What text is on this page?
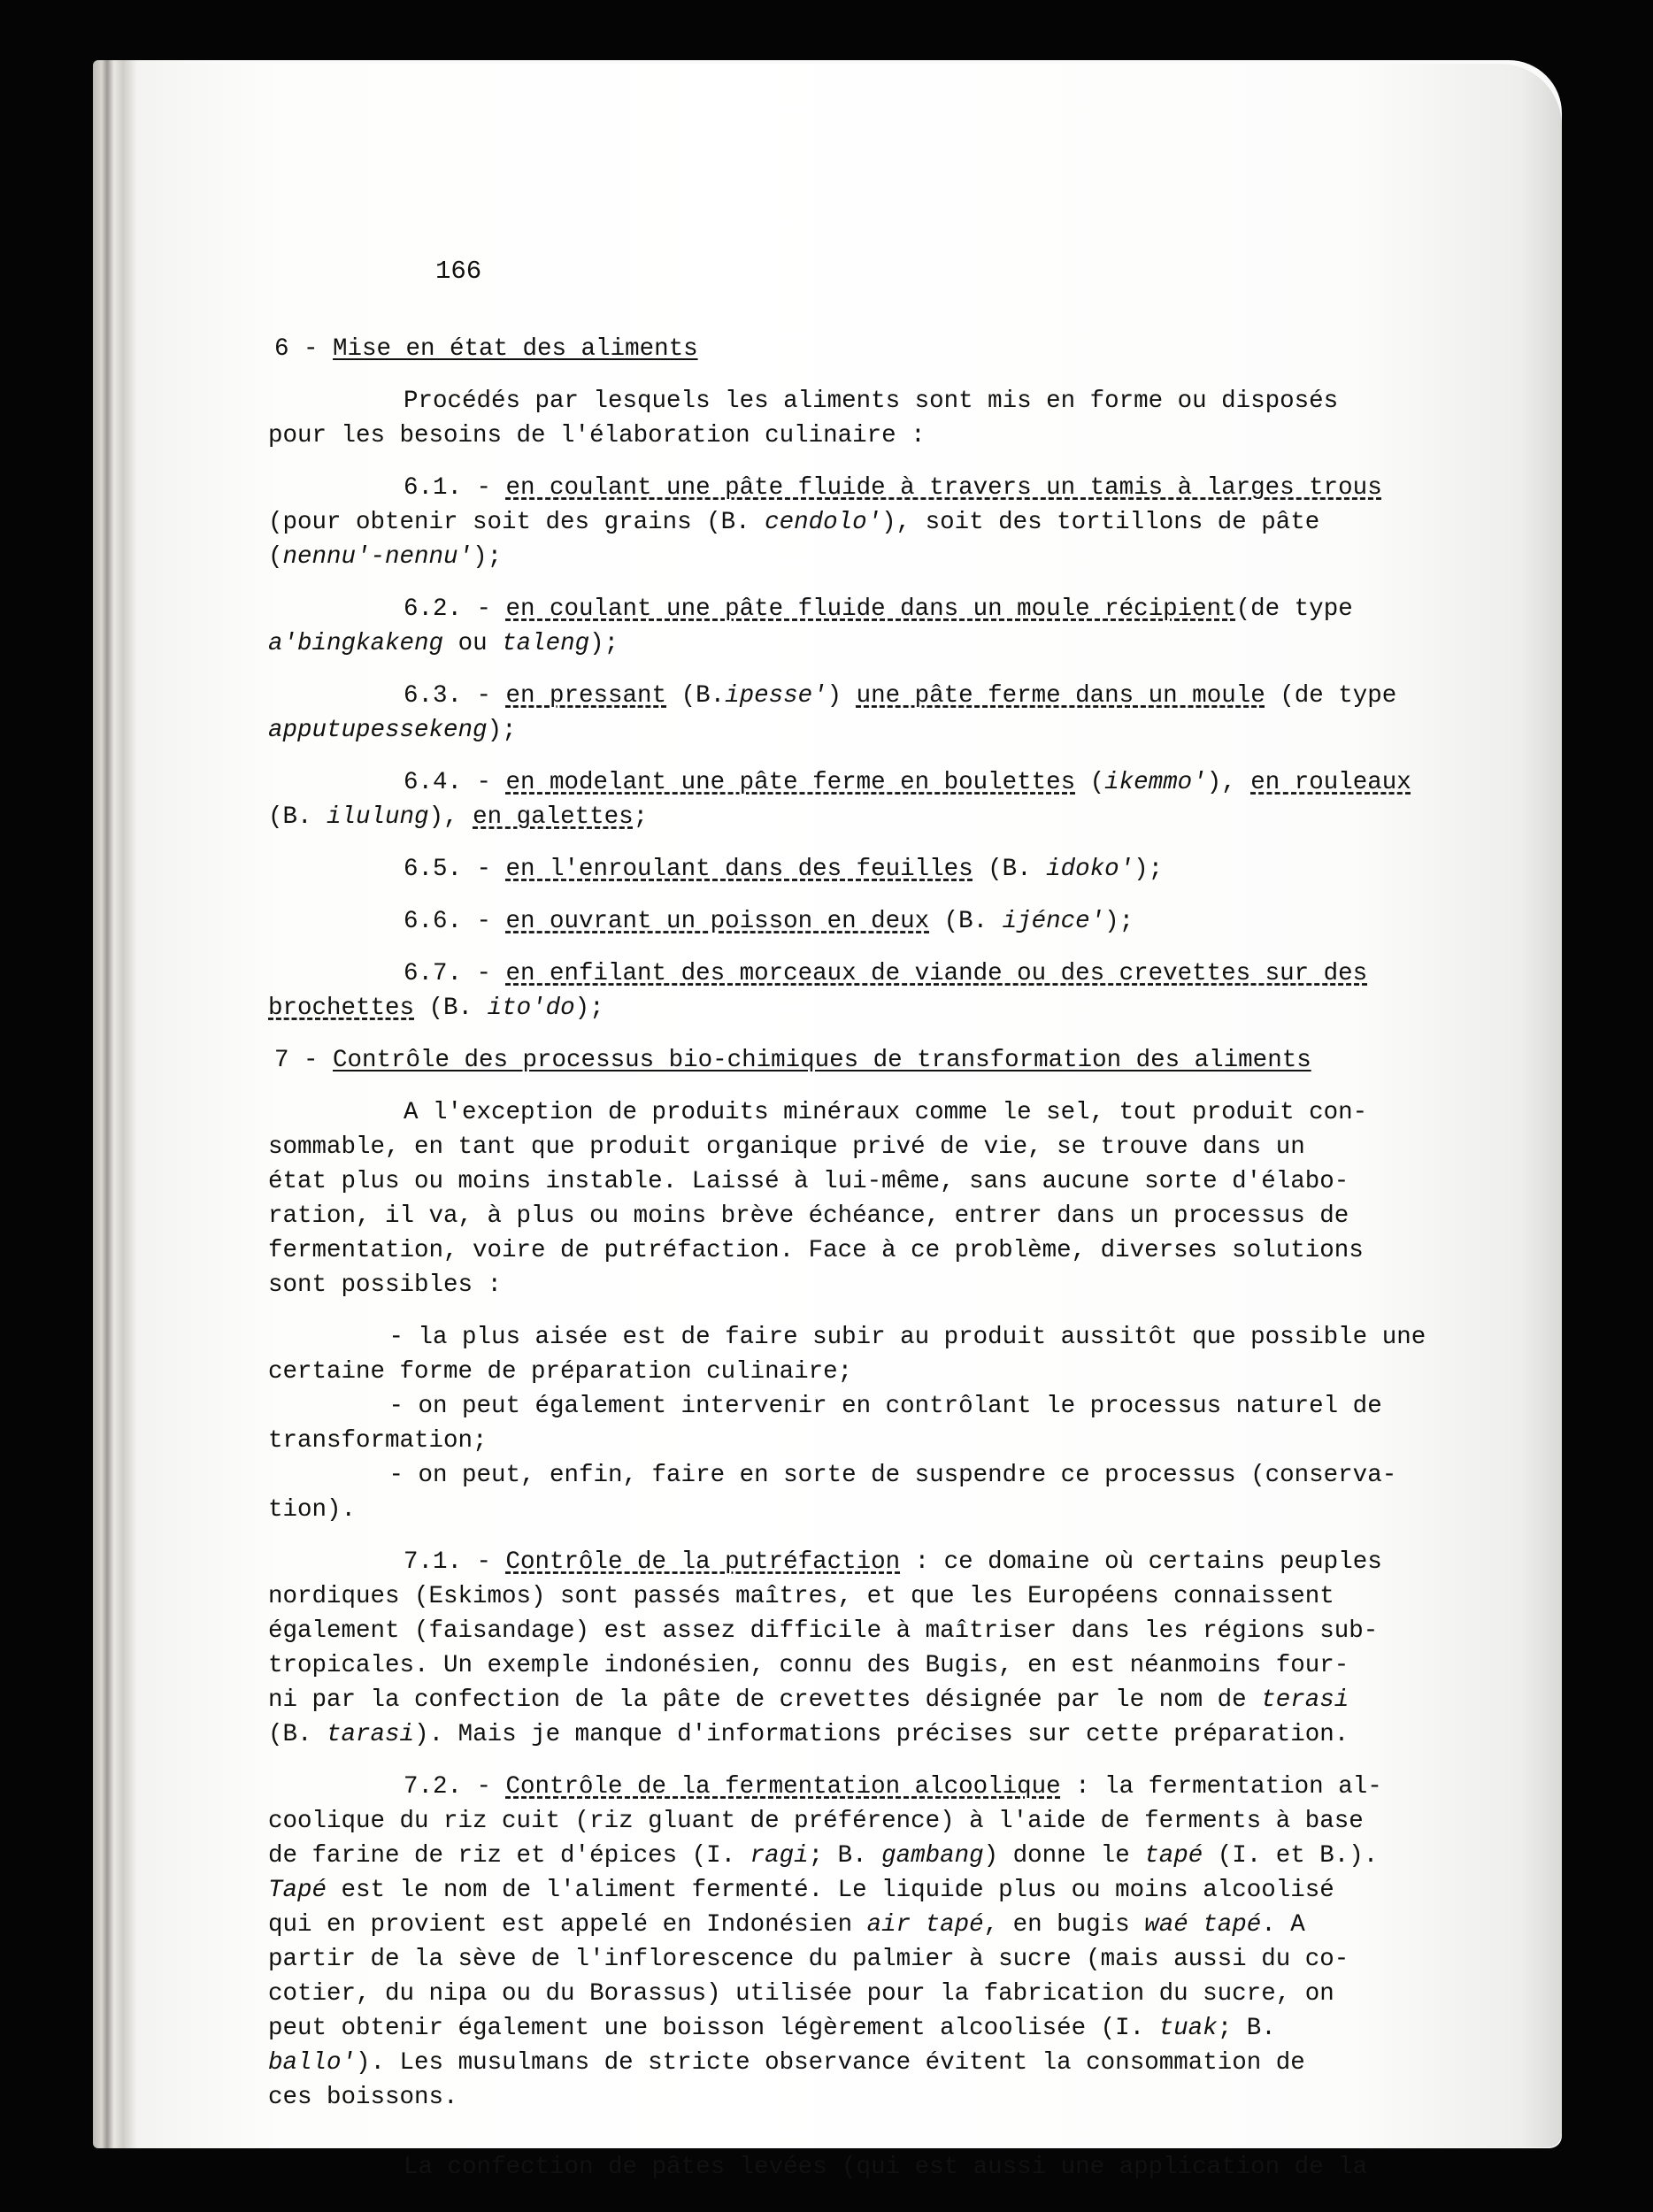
166
6 - Mise en état des aliments
Procédés par lesquels les aliments sont mis en forme ou disposés
pour les besoins de l'élaboration culinaire :
6.1. - en coulant une pâte fluide à travers un tamis à larges trous
(pour obtenir soit des grains (B. cendolo'), soit des tortillons de pâte
(nennu'-nennu');
6.2. - en coulant une pâte fluide dans un moule récipient(de type
a'bingkakeng ou taleng);
6.3. - en pressant (B.ipesse') une pâte ferme dans un moule (de type
apputupessekeng);
6.4. - en modelant une pâte ferme en boulettes (ikemmo'), en rouleaux
(B. ilulung), en galettes;
6.5. - en l'enroulant dans des feuilles (B. idoko');
6.6. - en ouvrant un poisson en deux (B. ijénce');
6.7. - en enfilant des morceaux de viande ou des crevettes sur des
brochettes (B. ito'do);
7 - Contrôle des processus bio-chimiques de transformation des aliments
A l'exception de produits minéraux comme le sel, tout produit con-
sommable, en tant que produit organique privé de vie, se trouve dans un
état plus ou moins instable. Laissé à lui-même, sans aucune sorte d'élabo-
ration, il va, à plus ou moins brève échéance, entrer dans un processus de
fermentation, voire de putréfaction. Face à ce problème, diverses solutions
sont possibles :
- la plus aisée est de faire subir au produit aussitôt que possible une
certaine forme de préparation culinaire;
- on peut également intervenir en contrôlant le processus naturel de
transformation;
- on peut, enfin, faire en sorte de suspendre ce processus (conserva-
tion).
7.1. - Contrôle de la putréfaction : ce domaine où certains peuples
nordiques (Eskimos) sont passés maîtres, et que les Européens connaissent
également (faisandage) est assez difficile à maîtriser dans les régions sub-
tropicales. Un exemple indonésien, connu des Bugis, en est néanmoins four-
ni par la confection de la pâte de crevettes désignée par le nom de terasi
(B. tarasi). Mais je manque d'informations précises sur cette préparation.
7.2. - Contrôle de la fermentation alcoolique : la fermentation al-
coolique du riz cuit (riz gluant de préférence) à l'aide de ferments à base
de farine de riz et d'épices (I. ragi; B. gambang) donne le tapé (I. et B.).
Tapé est le nom de l'aliment fermenté. Le liquide plus ou moins alcoolisé
qui en provient est appelé en Indonésien air tapé, en bugis waé tapé. A
partir de la sève de l'inflorescence du palmier à sucre (mais aussi du co-
cotier, du nipa ou du Borassus) utilisée pour la fabrication du sucre, on
peut obtenir également une boisson légèrement alcoolisée (I. tuak; B.
ballo'). Les musulmans de stricte observance évitent la consommation de
ces boissons.
La confection de pâtes levées (qui est aussi une application de la
